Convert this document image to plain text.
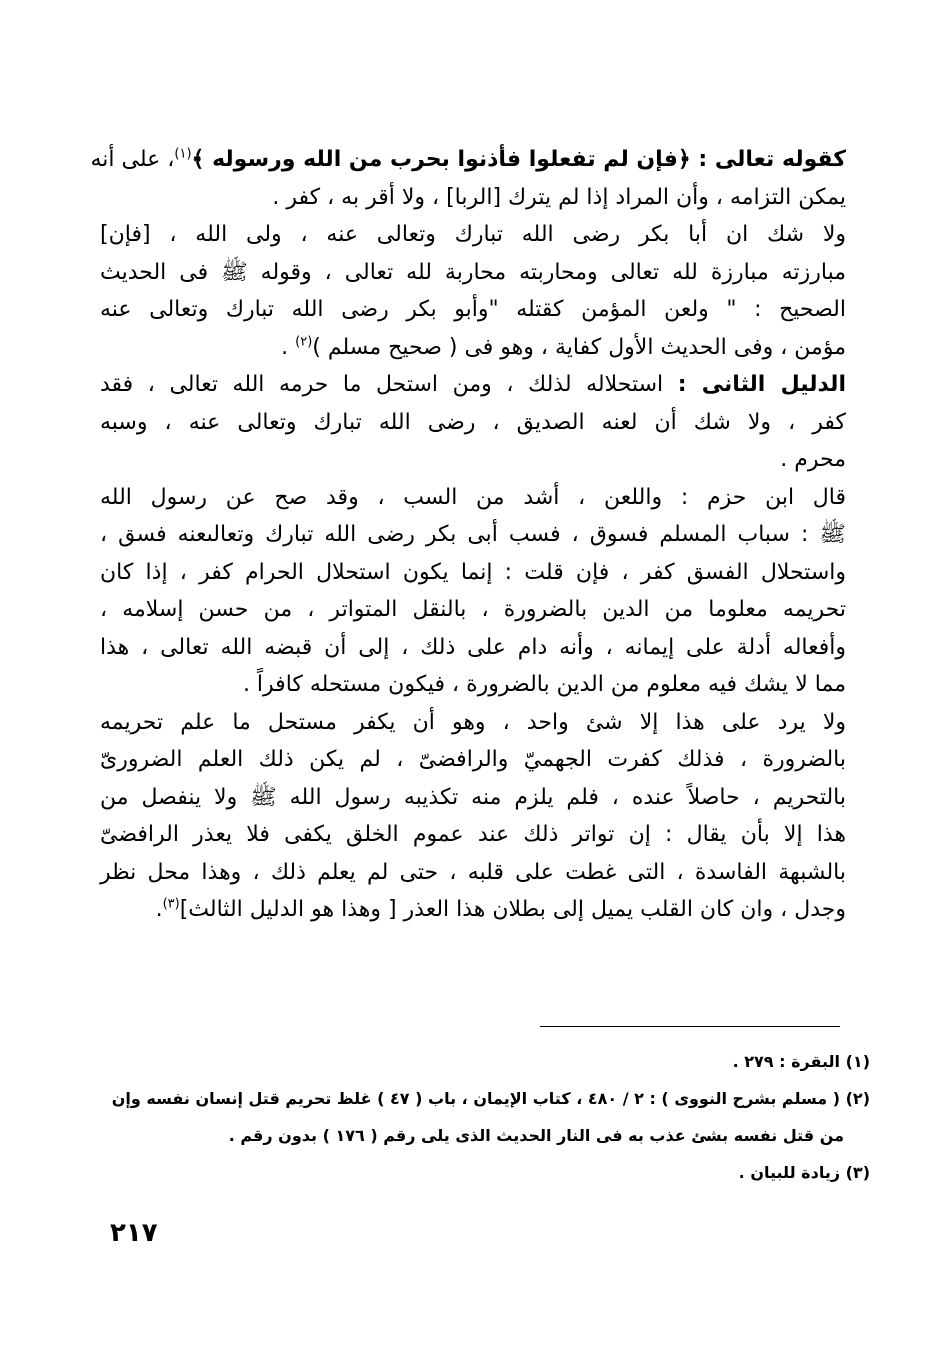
كقوله تعالى : ﴿فإن لم تفعلوا فأذنوا بحرب من الله ورسوله ﴾$^{(١)}$، على أنه
يمكن التزامه ، وأن المراد إذا لم يترك [الربا] ، ولا أقر به ، كفر .
ولا شك ان أبا بكر رضى الله تبارك وتعالى عنه ، ولى الله ، [فإن]
مبارزته مبارزة لله تعالى ومحاربته محاربة لله تعالى ، وقوله ﷺ فى الحديث
الصحيح : " ولعن المؤمن كقتله "وأبو بكر رضى الله تبارك وتعالى عنه
مؤمن ، وفى الحديث الأول كفاية ، وهو فى ( صحيح مسلم )$^{(٢)}$ .
الدليل الثانى : استحلاله لذلك ، ومن استحل ما حرمه الله تعالى ، فقد
كفر ، ولا شك أن لعنه الصديق ، رضى الله تبارك وتعالى عنه ، وسبه
محرم .
قال ابن حزم : واللعن ، أشد من السب ، وقد صح عن رسول الله
ﷺ : سباب المسلم فسوق ، فسب أبى بكر رضى الله تبارك وتعالىعنه فسق ،
واستحلال الفسق كفر ، فإن قلت : إنما يكون استحلال الحرام كفر ، إذا كان
تحريمه معلوما من الدين بالضرورة ، بالنقل المتواتر ، من حسن إسلامه ،
وأفعاله أدلة على إيمانه ، وأنه دام على ذلك ، إلى أن قبضه الله تعالى ، هذا
مما لا يشك فيه معلوم من الدين بالضرورة ، فيكون مستحله كافراً .
ولا يرد على هذا إلا شئ واحد ، وهو أن يكفر مستحل ما علم تحريمه
بالضرورة ، فذلك كفرت الجهميّ والرافضىّ ، لم يكن ذلك العلم الضرورىّ
بالتحريم ، حاصلاً عنده ، فلم يلزم منه تكذيبه رسول الله ﷺ ولا ينفصل من
هذا إلا بأن يقال : إن تواتر ذلك عند عموم الخلق يكفى فلا يعذر الرافضىّ
بالشبهة الفاسدة ، التى غطت على قلبه ، حتى لم يعلم ذلك ، وهذا محل نظر
وجدل ، وان كان القلب يميل إلى بطلان هذا العذر [ وهذا هو الدليل الثالث]$^{(٣)}$.
(١) البقرة : ٢٧٩ .
(٢) ( مسلم بشرح النووى ) : ٢ / ٤٨٠ ، كتاب الإيمان ، باب ( ٤٧ ) غلظ تحريم قتل إنسان نفسه وإن
من قتل نفسه بشئ عذب به فى النار الحديث الذى يلى رقم ( ١٧٦ ) بدون رقم .
(٣) زيادة للبيان .
٢١٧
